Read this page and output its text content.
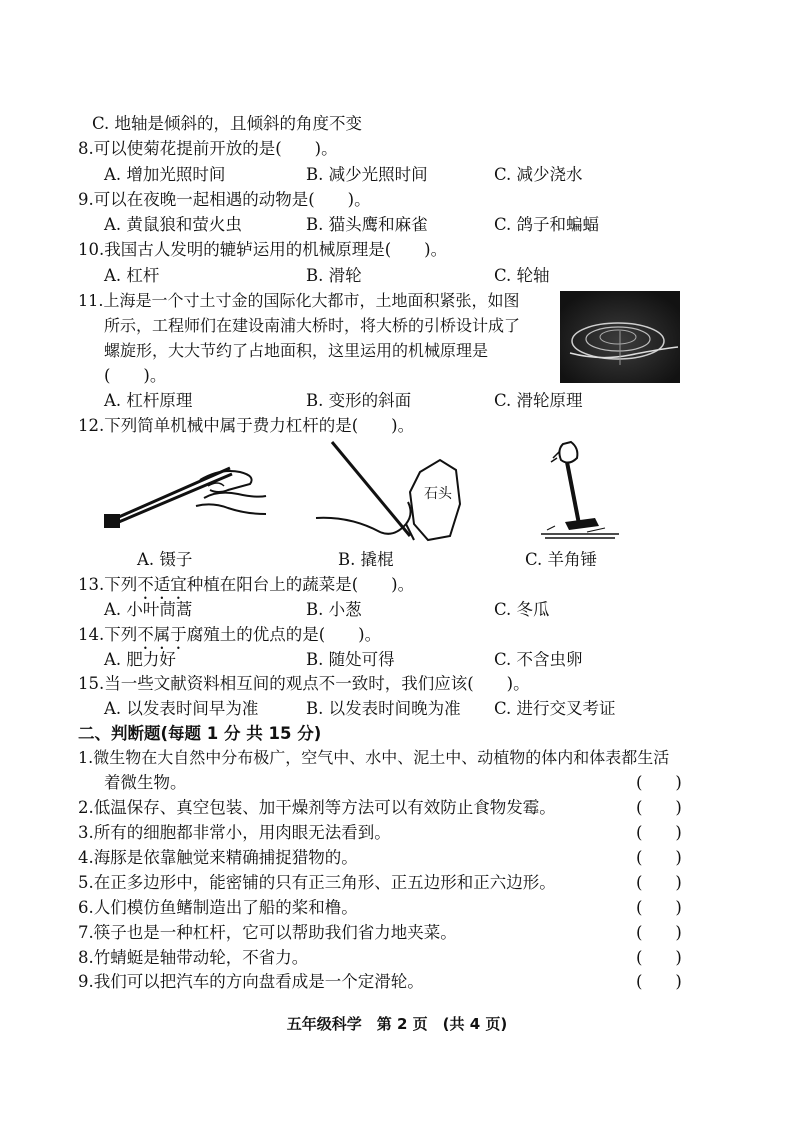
C. 地轴是倾斜的，且倾斜的角度不变
8.可以使菊花提前开放的是(　　)。
A. 增加光照时间	B. 减少光照时间	C. 减少浇水
9.可以在夜晚一起相遇的动物是(　　)。
A. 黄鼠狼和萤火虫	B. 猫头鹰和麻雀	C. 鸽子和蝙蝠
10.我国古人发明的辘轳运用的机械原理是(　　)。
A. 杠杆	B. 滑轮	C. 轮轴
11.上海是一个寸土寸金的国际化大都市，土地面积紧张，如图
所示，工程师们在建设南浦大桥时，将大桥的引桥设计成了
螺旋形，大大节约了占地面积，这里运用的机械原理是
(　　)。
A. 杠杆原理	B. 变形的斜面	C. 滑轮原理
12.下列简单机械中属于费力杠杆的是(　　)。
A. 镊子
石头
B. 撬棍	C. 羊角锤
13.下列不适宜种植在阳台上的蔬菜是(　　)。
A. 小叶茼蒿	B. 小葱	C. 冬瓜
14.下列不属于腐殖土的优点的是(　　)。
A. 肥力好	B. 随处可得	C. 不含虫卵
15.当一些文献资料相互间的观点不一致时，我们应该(　　)。
A. 以发表时间早为准	B. 以发表时间晚为准 C. 进行交叉考证
二、判断题(每题 1 分 共 15 分)
1.微生物在大自然中分布极广，空气中、水中、泥土中、动植物的体内和体表都生活
着微生物。	(　　)
2.低温保存、真空包装、加干燥剂等方法可以有效防止食物发霉。	(　　)
3.所有的细胞都非常小，用肉眼无法看到。	(　　)
4.海豚是依靠触觉来精确捕捉猎物的。	(　　)
5.在正多边形中，能密铺的只有正三角形、正五边形和正六边形。	(　　)
6.人们模仿鱼鳍制造出了船的桨和橹。	(　　)
7.筷子也是一种杠杆，它可以帮助我们省力地夹菜。	(　　)
8.竹蜻蜓是轴带动轮，不省力。	(　　)
9.我们可以把汽车的方向盘看成是一个定滑轮。	(　　)
五年级科学　第 2 页　(共 4 页)
